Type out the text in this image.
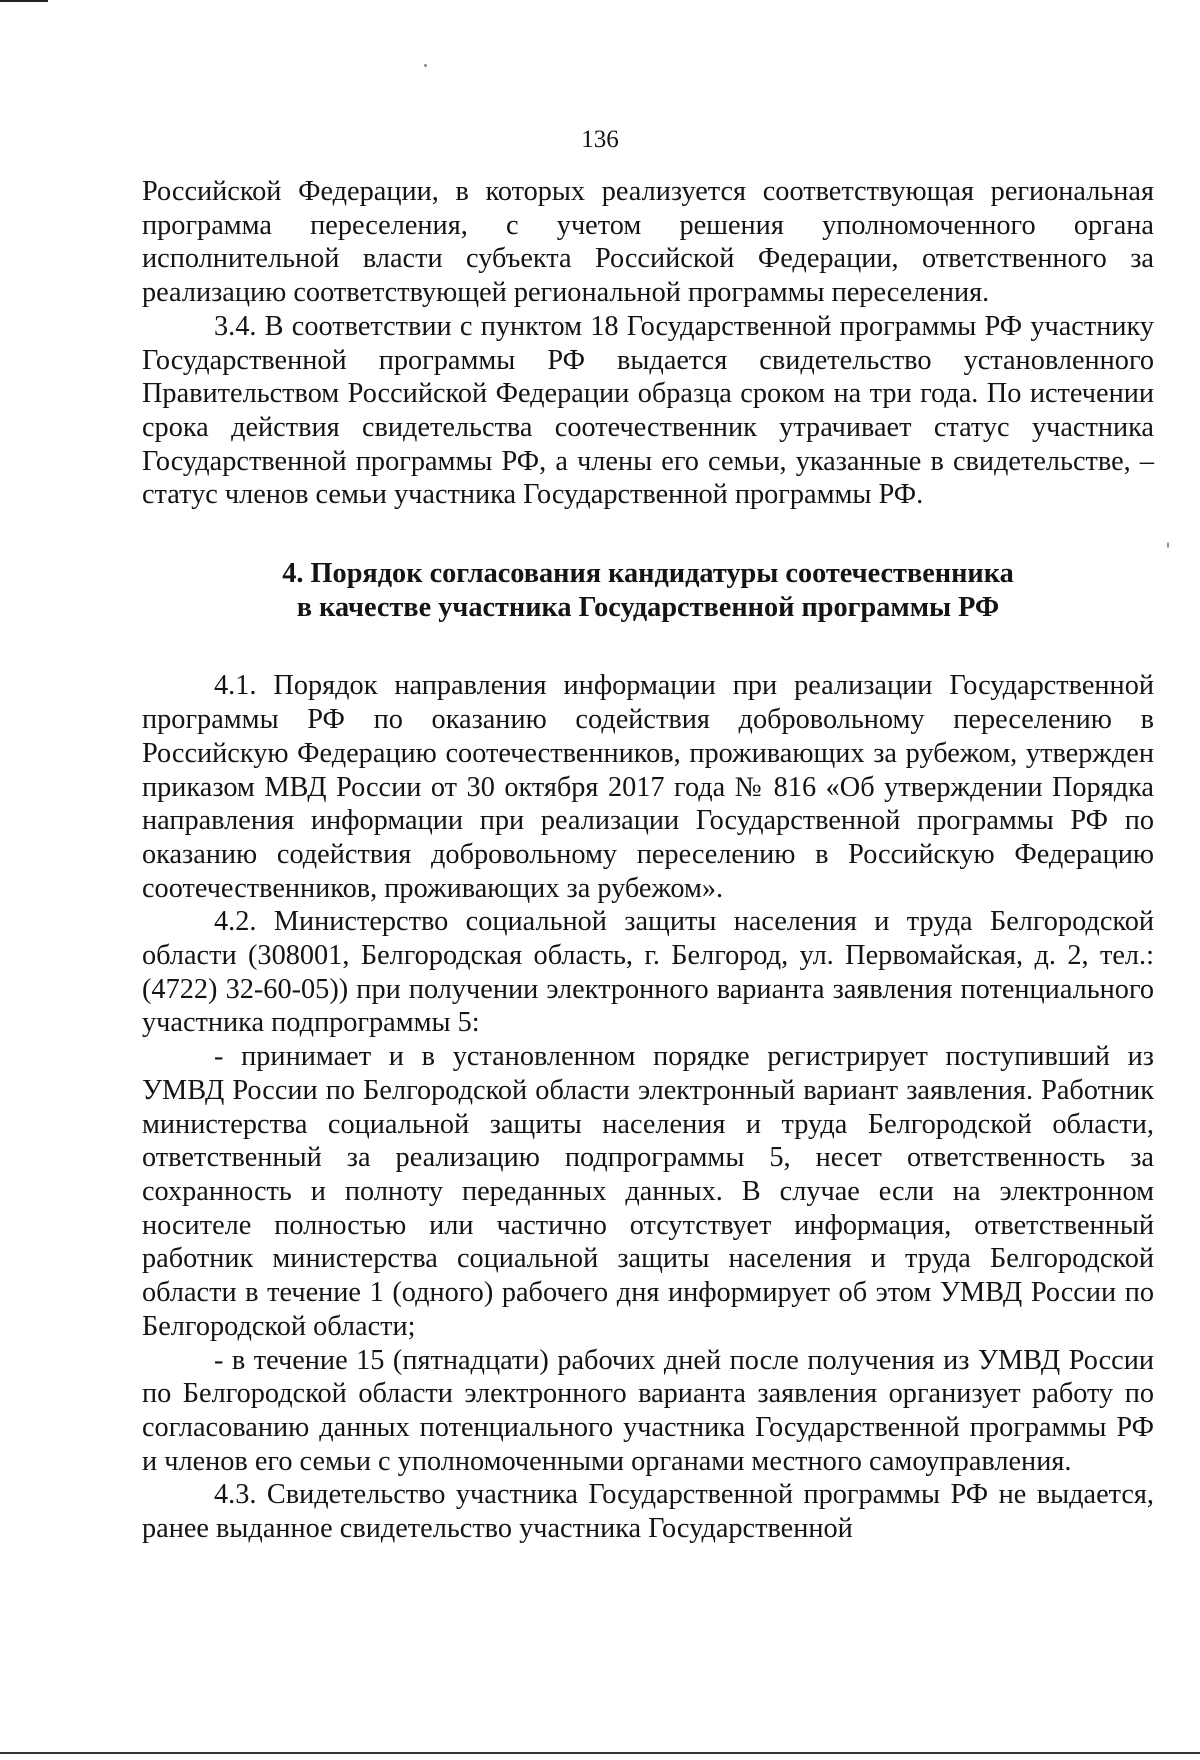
136

Российской Федерации, в которых реализуется соответствующая региональная программа переселения, с учетом решения уполномоченного органа исполнительной власти субъекта Российской Федерации, ответственного за реализацию соответствующей региональной программы переселения.

3.4. В соответствии с пунктом 18 Государственной программы РФ участнику Государственной программы РФ выдается свидетельство установленного Правительством Российской Федерации образца сроком на три года. По истечении срока действия свидетельства соотечественник утрачивает статус участника Государственной программы РФ, а члены его семьи, указанные в свидетельстве, – статус членов семьи участника Государственной программы РФ.

4. Порядок согласования кандидатуры соотечественника
в качестве участника Государственной программы РФ

4.1. Порядок направления информации при реализации Государственной программы РФ по оказанию содействия добровольному переселению в Российскую Федерацию соотечественников, проживающих за рубежом, утвержден приказом МВД России от 30 октября 2017 года № 816 «Об утверждении Порядка направления информации при реализации Государственной программы РФ по оказанию содействия добровольному переселению в Российскую Федерацию соотечественников, проживающих за рубежом».

4.2. Министерство социальной защиты населения и труда Белгородской области (308001, Белгородская область, г. Белгород, ул. Первомайская, д. 2, тел.: (4722) 32-60-05)) при получении электронного варианта заявления потенциального участника подпрограммы 5:

- принимает и в установленном порядке регистрирует поступивший из УМВД России по Белгородской области электронный вариант заявления. Работник министерства социальной защиты населения и труда Белгородской области, ответственный за реализацию подпрограммы 5, несет ответственность за сохранность и полноту переданных данных. В случае если на электронном носителе полностью или частично отсутствует информация, ответственный работник министерства социальной защиты населения и труда Белгородской области в течение 1 (одного) рабочего дня информирует об этом УМВД России по Белгородской области;

- в течение 15 (пятнадцати) рабочих дней после получения из УМВД России по Белгородской области электронного варианта заявления организует работу по согласованию данных потенциального участника Государственной программы РФ и членов его семьи с уполномоченными органами местного самоуправления.

4.3. Свидетельство участника Государственной программы РФ не выдается, ранее выданное свидетельство участника Государственной
